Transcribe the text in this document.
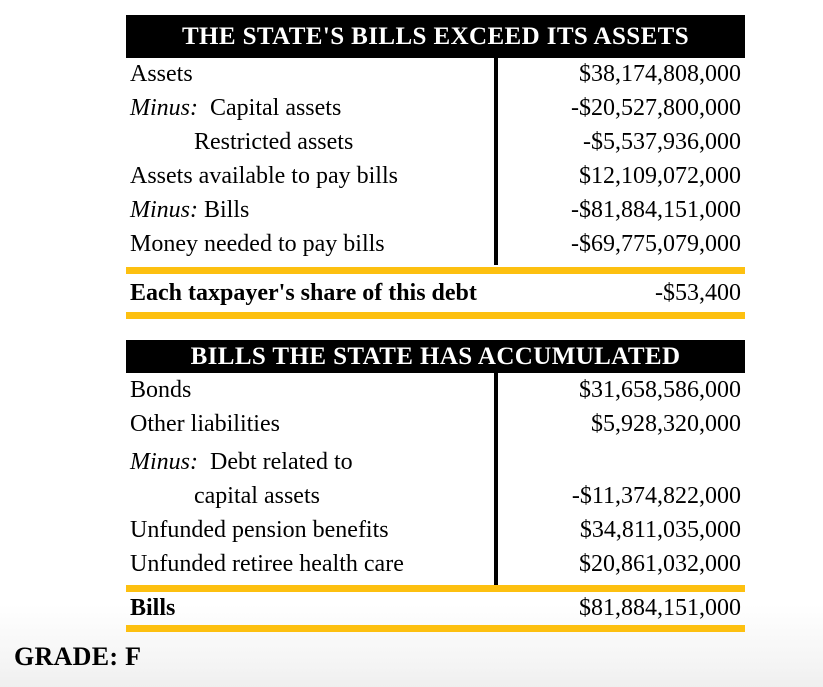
THE STATE'S BILLS EXCEED ITS ASSETS
Assets	$38,174,808,000
Minus: Capital assets	-$20,527,800,000
Restricted assets	-$5,537,936,000
Assets available to pay bills	$12,109,072,000
Minus: Bills	-$81,884,151,000
Money needed to pay bills	-$69,775,079,000
Each taxpayer's share of this debt	-$53,400
BILLS THE STATE HAS ACCUMULATED
Bonds	$31,658,586,000
Other liabilities	$5,928,320,000
Minus: Debt related to
capital assets	-$11,374,822,000
Unfunded pension benefits	$34,811,035,000
Unfunded retiree health care	$20,861,032,000
Bills	$81,884,151,000
GRADE: F
